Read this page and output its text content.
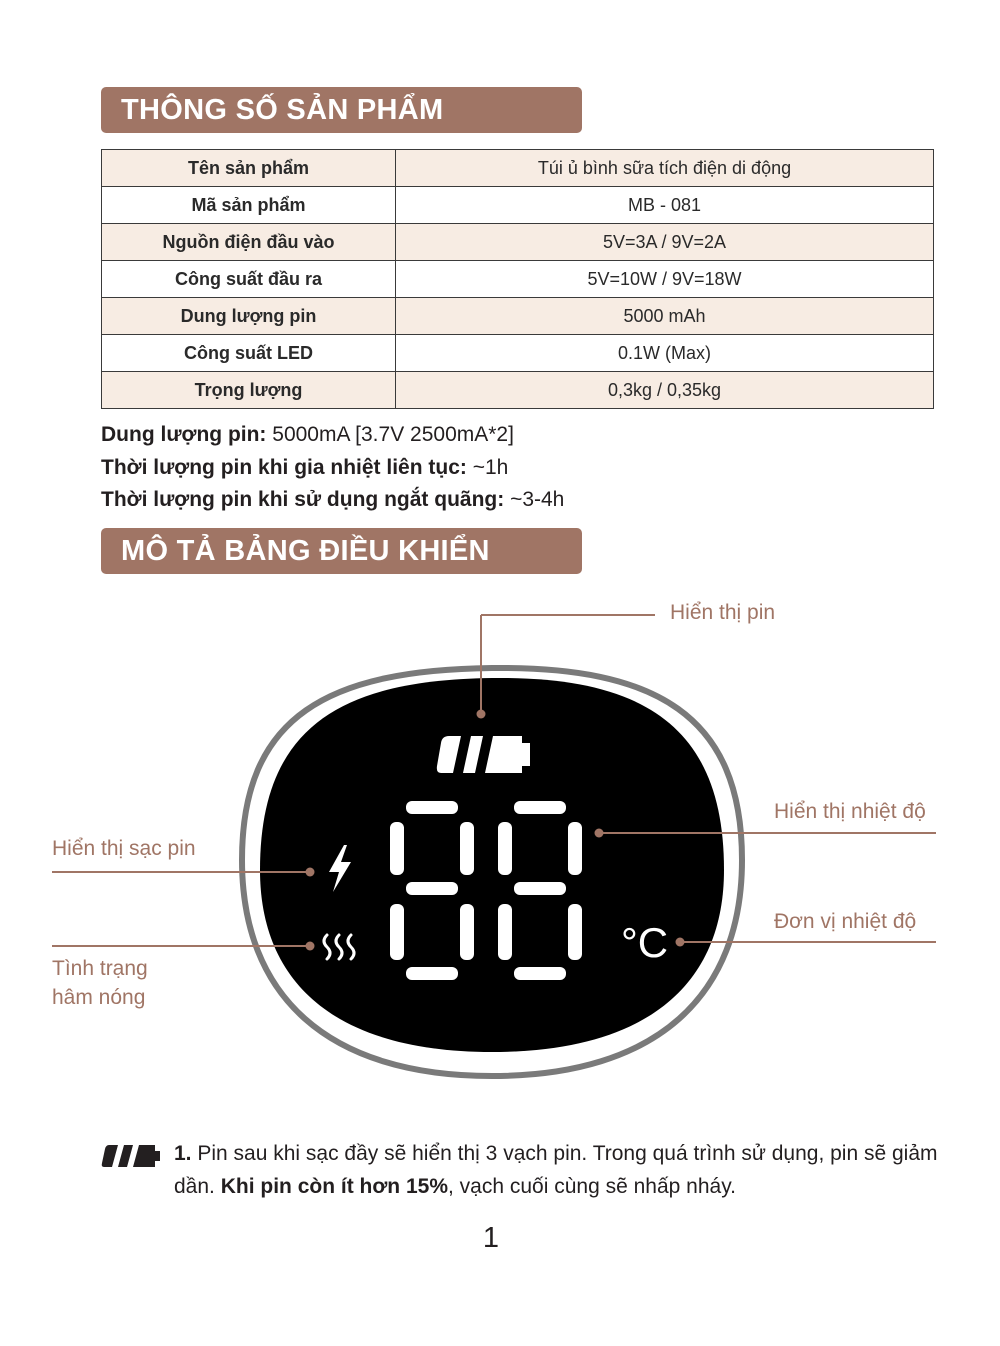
THÔNG SỐ SẢN PHẨM
Tên sản phẩm	Túi ủ bình sữa tích điện di động
Mã sản phẩm	MB - 081
Nguồn điện đầu vào	5V=3A / 9V=2A
Công suất đầu ra	5V=10W / 9V=18W
Dung lượng pin	5000 mAh
Công suất LED	0.1W (Max)
Trọng lượng	0,3kg / 0,35kg
Dung lượng pin: 5000mA [3.7V 2500mA*2]
Thời lượng pin khi gia nhiệt liên tục: ~1h
Thời lượng pin khi sử dụng ngắt quãng: ~3-4h
MÔ TẢ BẢNG ĐIỀU KHIỂN
°C
Hiển thị pin
Hiển thị nhiệt độ
Hiển thị sạc pin
Đơn vị nhiệt độ
Tình trạng
hâm nóng
1. Pin sau khi sạc đầy sẽ hiển thị 3 vạch pin. Trong quá trình sử dụng, pin sẽ giảm dần. Khi pin còn ít hơn 15%, vạch cuối cùng sẽ nhấp nháy.
1
